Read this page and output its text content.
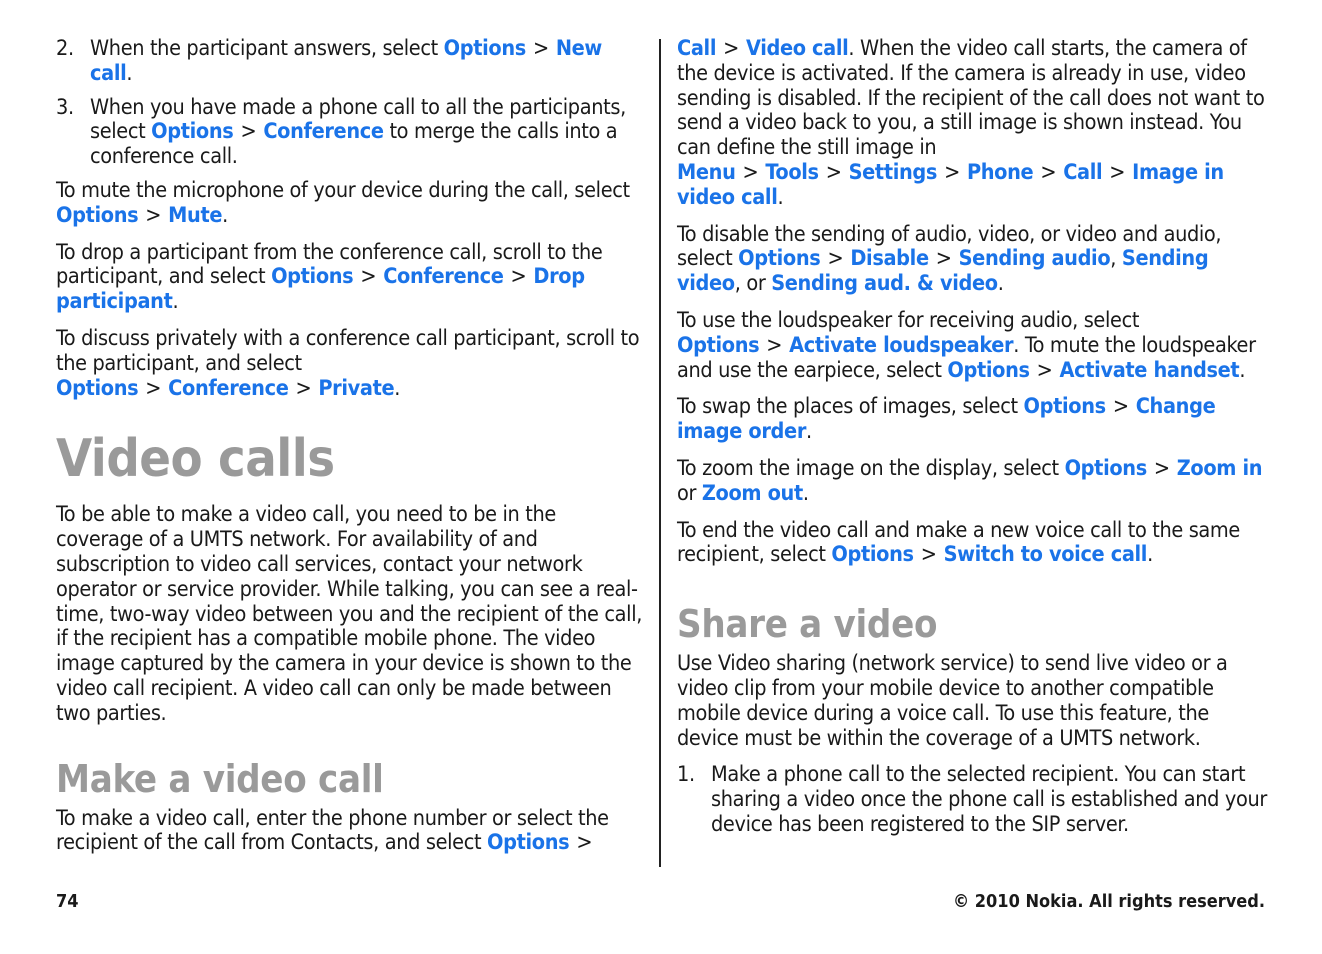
2. When the participant answers, select Options > New call.

3. When you have made a phone call to all the participants, select Options > Conference to merge the calls into a conference call.

To mute the microphone of your device during the call, select Options > Mute.

To drop a participant from the conference call, scroll to the participant, and select Options > Conference > Drop participant.

To discuss privately with a conference call participant, scroll to the participant, and select Options > Conference > Private.

Video calls

To be able to make a video call, you need to be in the coverage of a UMTS network. For availability of and subscription to video call services, contact your network operator or service provider. While talking, you can see a real-time, two-way video between you and the recipient of the call, if the recipient has a compatible mobile phone. The video image captured by the camera in your device is shown to the video call recipient. A video call can only be made between two parties.

Make a video call

To make a video call, enter the phone number or select the recipient of the call from Contacts, and select Options >

Call > Video call. When the video call starts, the camera of the device is activated. If the camera is already in use, video sending is disabled. If the recipient of the call does not want to send a video back to you, a still image is shown instead. You can define the still image in Menu > Tools > Settings > Phone > Call > Image in video call.

To disable the sending of audio, video, or video and audio, select Options > Disable > Sending audio, Sending video, or Sending aud. & video.

To use the loudspeaker for receiving audio, select Options > Activate loudspeaker. To mute the loudspeaker and use the earpiece, select Options > Activate handset.

To swap the places of images, select Options > Change image order.

To zoom the image on the display, select Options > Zoom in or Zoom out.

To end the video call and make a new voice call to the same recipient, select Options > Switch to voice call.

Share a video

Use Video sharing (network service) to send live video or a video clip from your mobile device to another compatible mobile device during a voice call. To use this feature, the device must be within the coverage of a UMTS network.

1. Make a phone call to the selected recipient. You can start sharing a video once the phone call is established and your device has been registered to the SIP server.

74	© 2010 Nokia. All rights reserved.
